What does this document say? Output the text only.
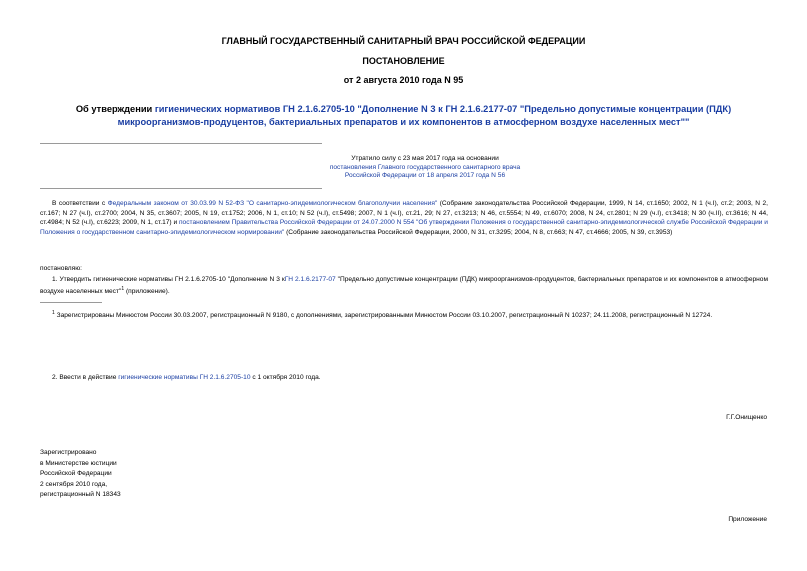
ГЛАВНЫЙ ГОСУДАРСТВЕННЫЙ САНИТАРНЫЙ ВРАЧ РОССИЙСКОЙ ФЕДЕРАЦИИ
ПОСТАНОВЛЕНИЕ
от 2 августа 2010 года N 95
Об утверждении гигиенических нормативов ГН 2.1.6.2705-10 "Дополнение N 3 к ГН 2.1.6.2177-07 "Предельно допустимые концентрации (ПДК) микроорганизмов-продуцентов, бактериальных препаратов и их компонентов в атмосферном воздухе населенных мест""
Утратило силу с 23 мая 2017 года на основании
постановления Главного государственного санитарного врача
Российской Федерации от 18 апреля 2017 года N 56
В соответствии с Федеральным законом от 30.03.99 N 52-ФЗ "О санитарно-эпидемиологическом благополучии населения" (Собрание законодательства Российской Федерации, 1999, N 14, ст.1650; 2002, N 1 (ч.I), ст.2; 2003, N 2, ст.167; N 27 (ч.I), ст.2700; 2004, N 35, ст.3607; 2005, N 19, ст.1752; 2006, N 1, ст.10; N 52 (ч.I), ст.5498; 2007, N 1 (ч.I), ст.21, 29; N 27, ст.3213; N 46, ст.5554; N 49, ст.6070; 2008, N 24, ст.2801; N 29 (ч.I), ст.3418; N 30 (ч.II), ст.3616; N 44, ст.4984; N 52 (ч.I), ст.6223; 2009, N 1, ст.17) и постановлением Правительства Российской Федерации от 24.07.2000 N 554 "Об утверждении Положения о государственной санитарно-эпидемиологической службе Российской Федерации и Положения о государственном санитарно-эпидемиологическом нормировании" (Собрание законодательства Российской Федерации, 2000, N 31, ст.3295; 2004, N 8, ст.663; N 47, ст.4666; 2005, N 39, ст.3953)
постановляю:
1. Утвердить гигиенические нормативы ГН 2.1.6.2705-10 "Дополнение N 3 кГН 2.1.6.2177-07 "Предельно допустимые концентрации (ПДК) микроорганизмов-продуцентов, бактериальных препаратов и их компонентов в атмосферном воздухе населенных мест"$^1$ (приложение).
$^1$ Зарегистрированы Минюстом России 30.03.2007, регистрационный N 9180, с дополнениями, зарегистрированными Минюстом России 03.10.2007, регистрационный N 10237; 24.11.2008, регистрационный N 12724.
2. Ввести в действие гигиенические нормативы ГН 2.1.6.2705-10 с 1 октября 2010 года.
Г.Г.Онищенко
Зарегистрировано
в Министерстве юстиции
Российской Федерации
2 сентября 2010 года,
регистрационный N 18343
Приложение
